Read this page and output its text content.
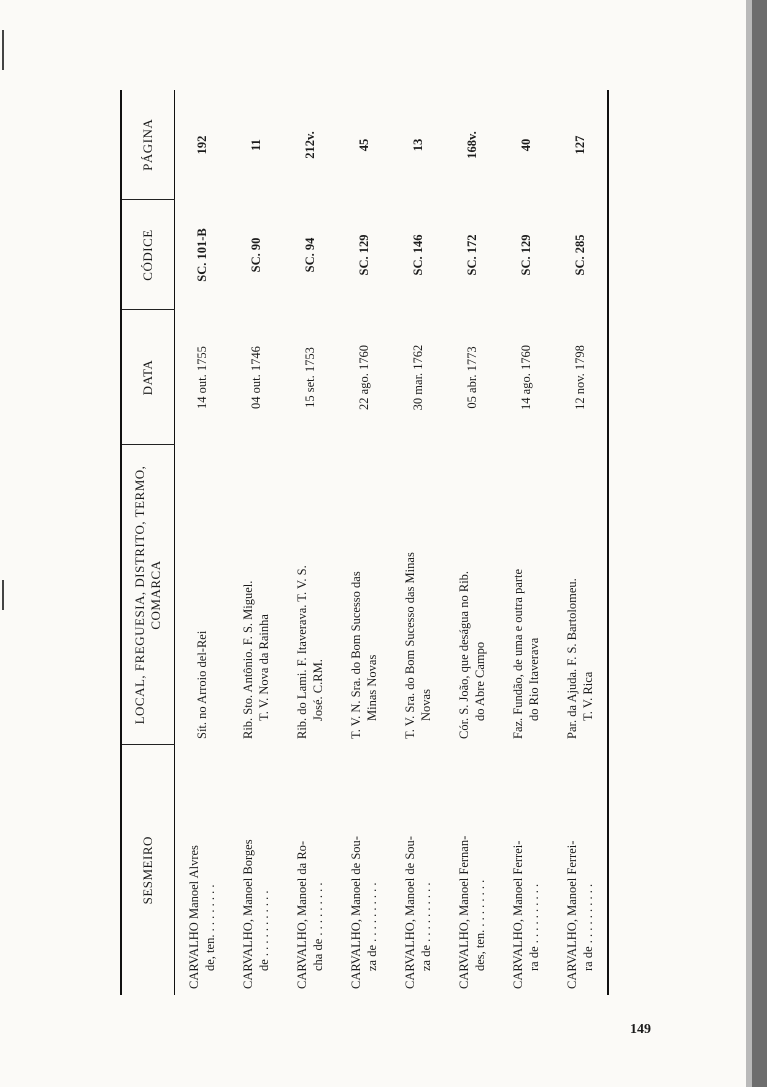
SESMEIRO	LOCAL, FREGUESIA, DISTRITO, TERMO, COMARCA	DATA	CÓDICE	PÁGINA

CARVALHO Manoel Alvres de, ten. . . . . . . . .	Sít. no Arroio del-Rei	14 out. 1755	SC. 101-B	192

CARVALHO, Manoel Borges de . . . . . . . . . . .	Rib. Sto. Antônio. F. S. Miguel. T. V. Nova da Rainha	04 out. 1746	SC. 90	11

CARVALHO, Manoel da Ro- cha de . . . . . . . . .	Rib. do Lami. F. Itaverava. T. V. S. José. C.RM.	15 set. 1753	SC. 94	212v.

CARVALHO, Manoel de Sou- za de . . . . . . . . . .	T. V. N. Sra. do Bom Sucesso das Minas Novas	22 ago. 1760	SC. 129	45

CARVALHO, Manoel de Sou- za de . . . . . . . . . .	T. V. Sra. do Bom Sucesso das Minas Novas	30 mar. 1762	SC. 146	13

CARVALHO, Manoel Fernan- des, ten. . . . . . . . .	Cór. S. João, que deságua no Rib. do Abre Campo	05 abr. 1773	SC. 172	168v.

CARVALHO, Manoel Ferrei- ra de . . . . . . . . . .	Faz. Fundão, de uma e outra parte do Rio Itaverava	14 ago. 1760	SC. 129	40

CARVALHO, Manoel Ferrei- ra de . . . . . . . . . .	Par. da Ajuda. F. S. Bartolomeu. T. V. Rica	12 nov. 1798	SC. 285	127
149
